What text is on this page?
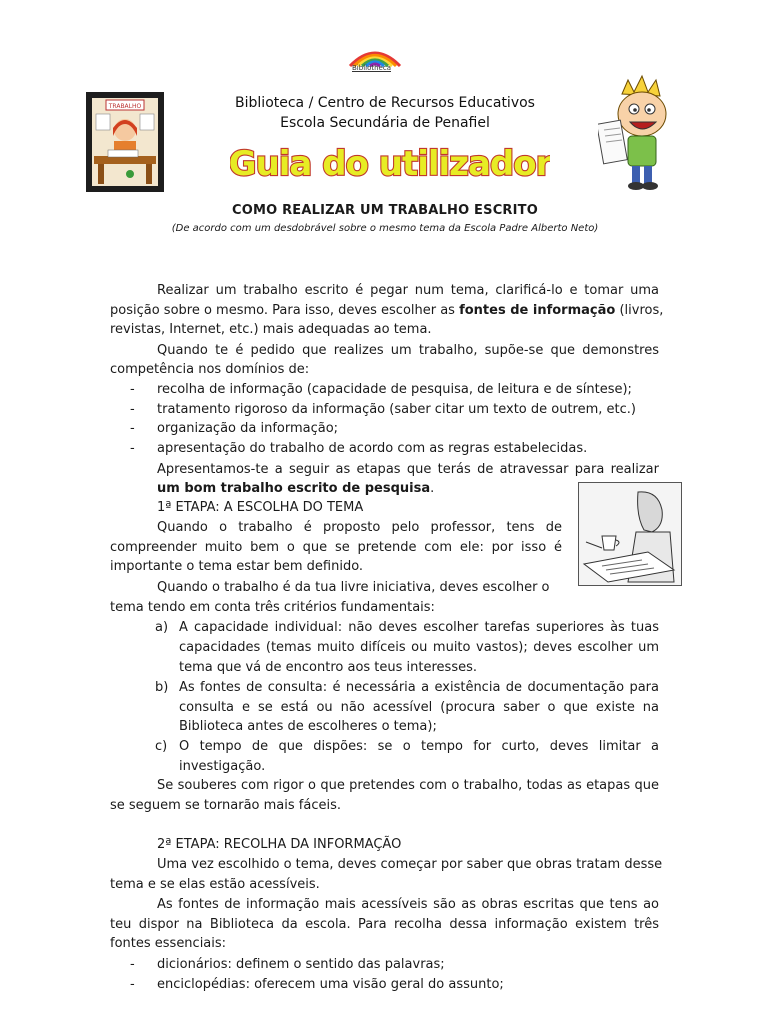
Bibliotheca
TRABALHO	Biblioteca / Centro de Recursos Educativos
Escola Secundária de Penafiel
Guia do utilizador
COMO REALIZAR UM TRABALHO ESCRITO
(De acordo com um desdobrável sobre o mesmo tema da Escola Padre Alberto Neto)
Realizar um trabalho escrito é pegar num tema, clarificá-lo e tomar uma
posição sobre o mesmo. Para isso, deves escolher as fontes de informação (livros,
revistas, Internet, etc.) mais adequadas ao tema.
Quando te é pedido que realizes um trabalho, supõe-se que demonstres
competência nos domínios de:
- recolha de informação (capacidade de pesquisa, de leitura e de síntese);
- tratamento rigoroso da informação (saber citar um texto de outrem, etc.)
- organização da informação;
- apresentação do trabalho de acordo com as regras estabelecidas.
Apresentamos-te a seguir as etapas que terás de atravessar para realizar
um bom trabalho escrito de pesquisa.
1ª ETAPA: A ESCOLHA DO TEMA
Quando o trabalho é proposto pelo professor, tens de
compreender muito bem o que se pretende com ele: por isso é
importante o tema estar bem definido.
Quando o trabalho é da tua livre iniciativa, deves escolher o
tema tendo em conta três critérios fundamentais:
a) A capacidade individual: não deves escolher tarefas superiores às tuas
capacidades (temas muito difíceis ou muito vastos); deves escolher um
tema que vá de encontro aos teus interesses.
b) As fontes de consulta: é necessária a existência de documentação para
consulta e se está ou não acessível (procura saber o que existe na
Biblioteca antes de escolheres o tema);
c) O tempo de que dispões: se o tempo for curto, deves limitar a
investigação.
Se souberes com rigor o que pretendes com o trabalho, todas as etapas que
se seguem se tornarão mais fáceis.
2ª ETAPA: RECOLHA DA INFORMAÇÃO
Uma vez escolhido o tema, deves começar por saber que obras tratam desse
tema e se elas estão acessíveis.
As fontes de informação mais acessíveis são as obras escritas que tens ao
teu dispor na Biblioteca da escola. Para recolha dessa informação existem três
fontes essenciais:
- dicionários: definem o sentido das palavras;
- enciclopédias: oferecem uma visão geral do assunto;
